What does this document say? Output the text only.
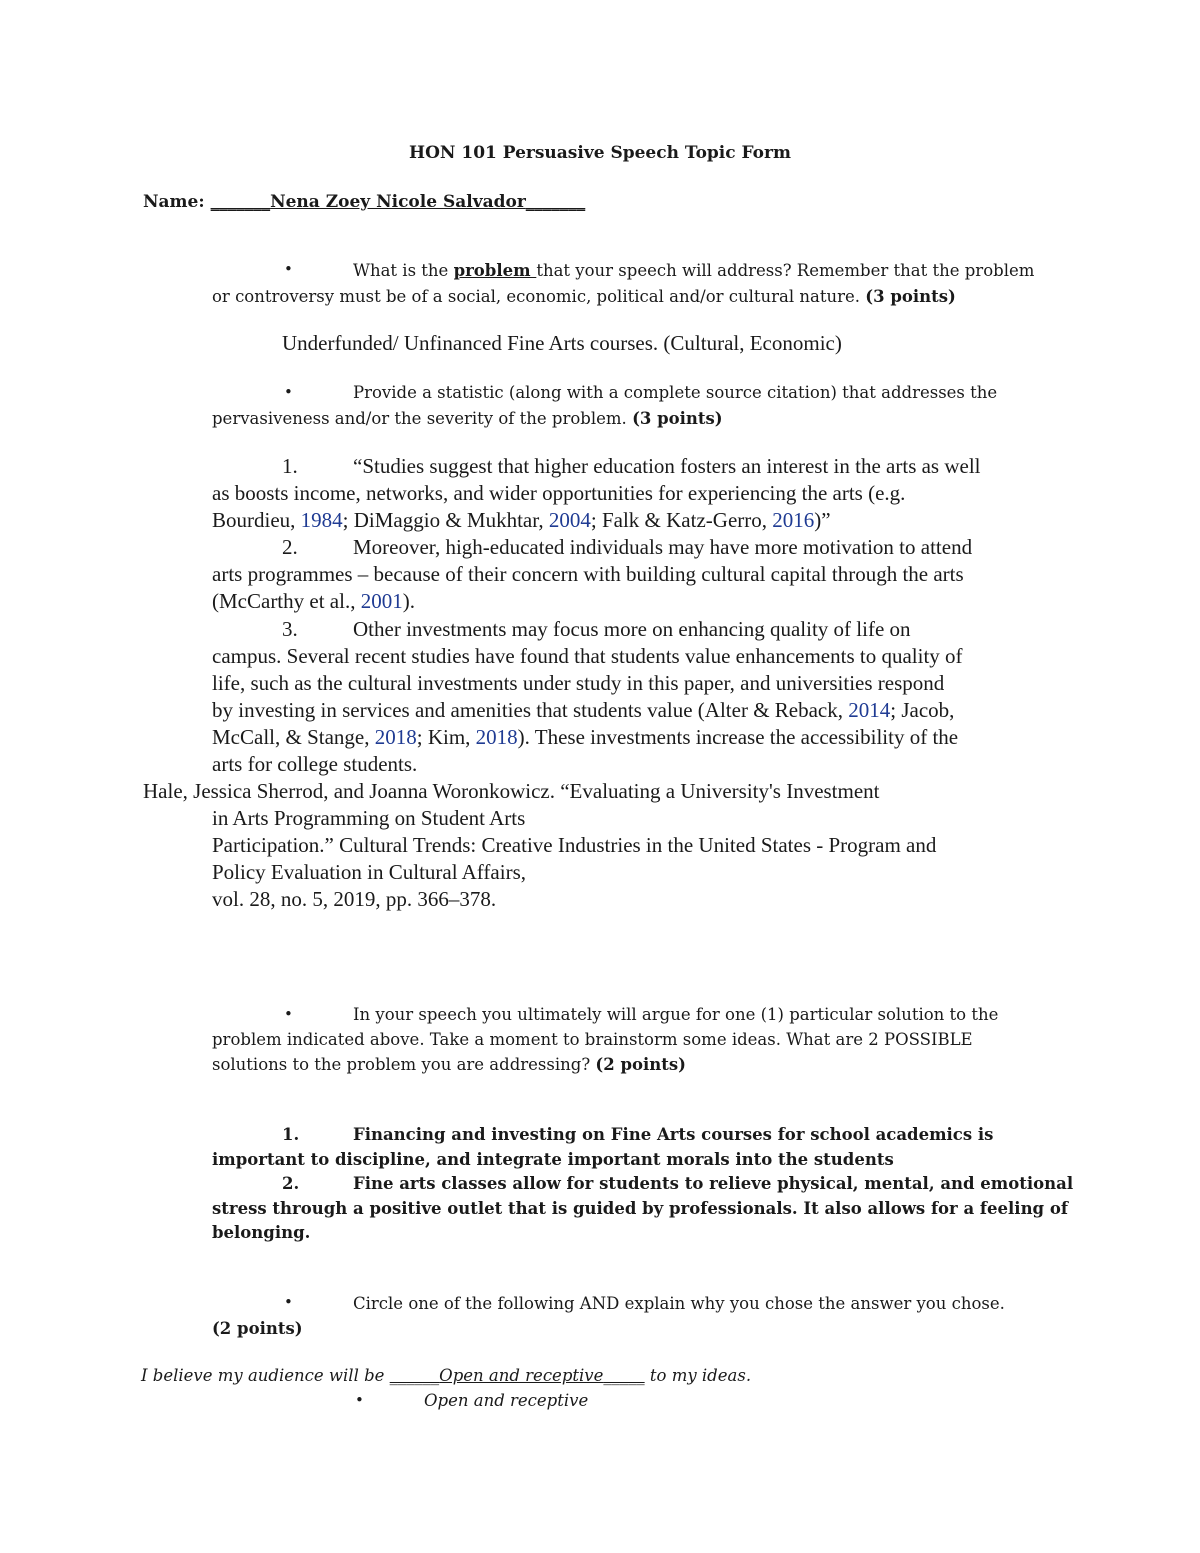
HON 101 Persuasive Speech Topic Form
Name: _______Nena Zoey Nicole Salvador_______
•	What is the problem that your speech will address? Remember that the problem
or controversy must be of a social, economic, political and/or cultural nature. (3 points)
Underfunded/ Unfinanced Fine Arts courses. (Cultural, Economic)
•	Provide a statistic (along with a complete source citation) that addresses the
pervasiveness and/or the severity of the problem. (3 points)
1.	“Studies suggest that higher education fosters an interest in the arts as well
as boosts income, networks, and wider opportunities for experiencing the arts (e.g.
Bourdieu, 1984; DiMaggio & Mukhtar, 2004; Falk & Katz-Gerro, 2016)”
2.	Moreover, high-educated individuals may have more motivation to attend
arts programmes – because of their concern with building cultural capital through the arts
(McCarthy et al., 2001).
3.	Other investments may focus more on enhancing quality of life on
campus. Several recent studies have found that students value enhancements to quality of
life, such as the cultural investments under study in this paper, and universities respond
by investing in services and amenities that students value (Alter & Reback, 2014; Jacob,
McCall, & Stange, 2018; Kim, 2018). These investments increase the accessibility of the
arts for college students.
Hale, Jessica Sherrod, and Joanna Woronkowicz. “Evaluating a University's Investment
in Arts Programming on Student Arts
Participation.” Cultural Trends: Creative Industries in the United States - Program and
Policy Evaluation in Cultural Affairs,
vol. 28, no. 5, 2019, pp. 366–378.
•	In your speech you ultimately will argue for one (1) particular solution to the
problem indicated above. Take a moment to brainstorm some ideas. What are 2 POSSIBLE
solutions to the problem you are addressing? (2 points)
1.	Financing and investing on Fine Arts courses for school academics is
important to discipline, and integrate important morals into the students
2.	Fine arts classes allow for students to relieve physical, mental, and emotional
stress through a positive outlet that is guided by professionals. It also allows for a feeling of
belonging.
•	Circle one of the following AND explain why you chose the answer you chose.
(2 points)
I believe my audience will be ______Open and receptive_____ to my ideas.
•	Open and receptive
